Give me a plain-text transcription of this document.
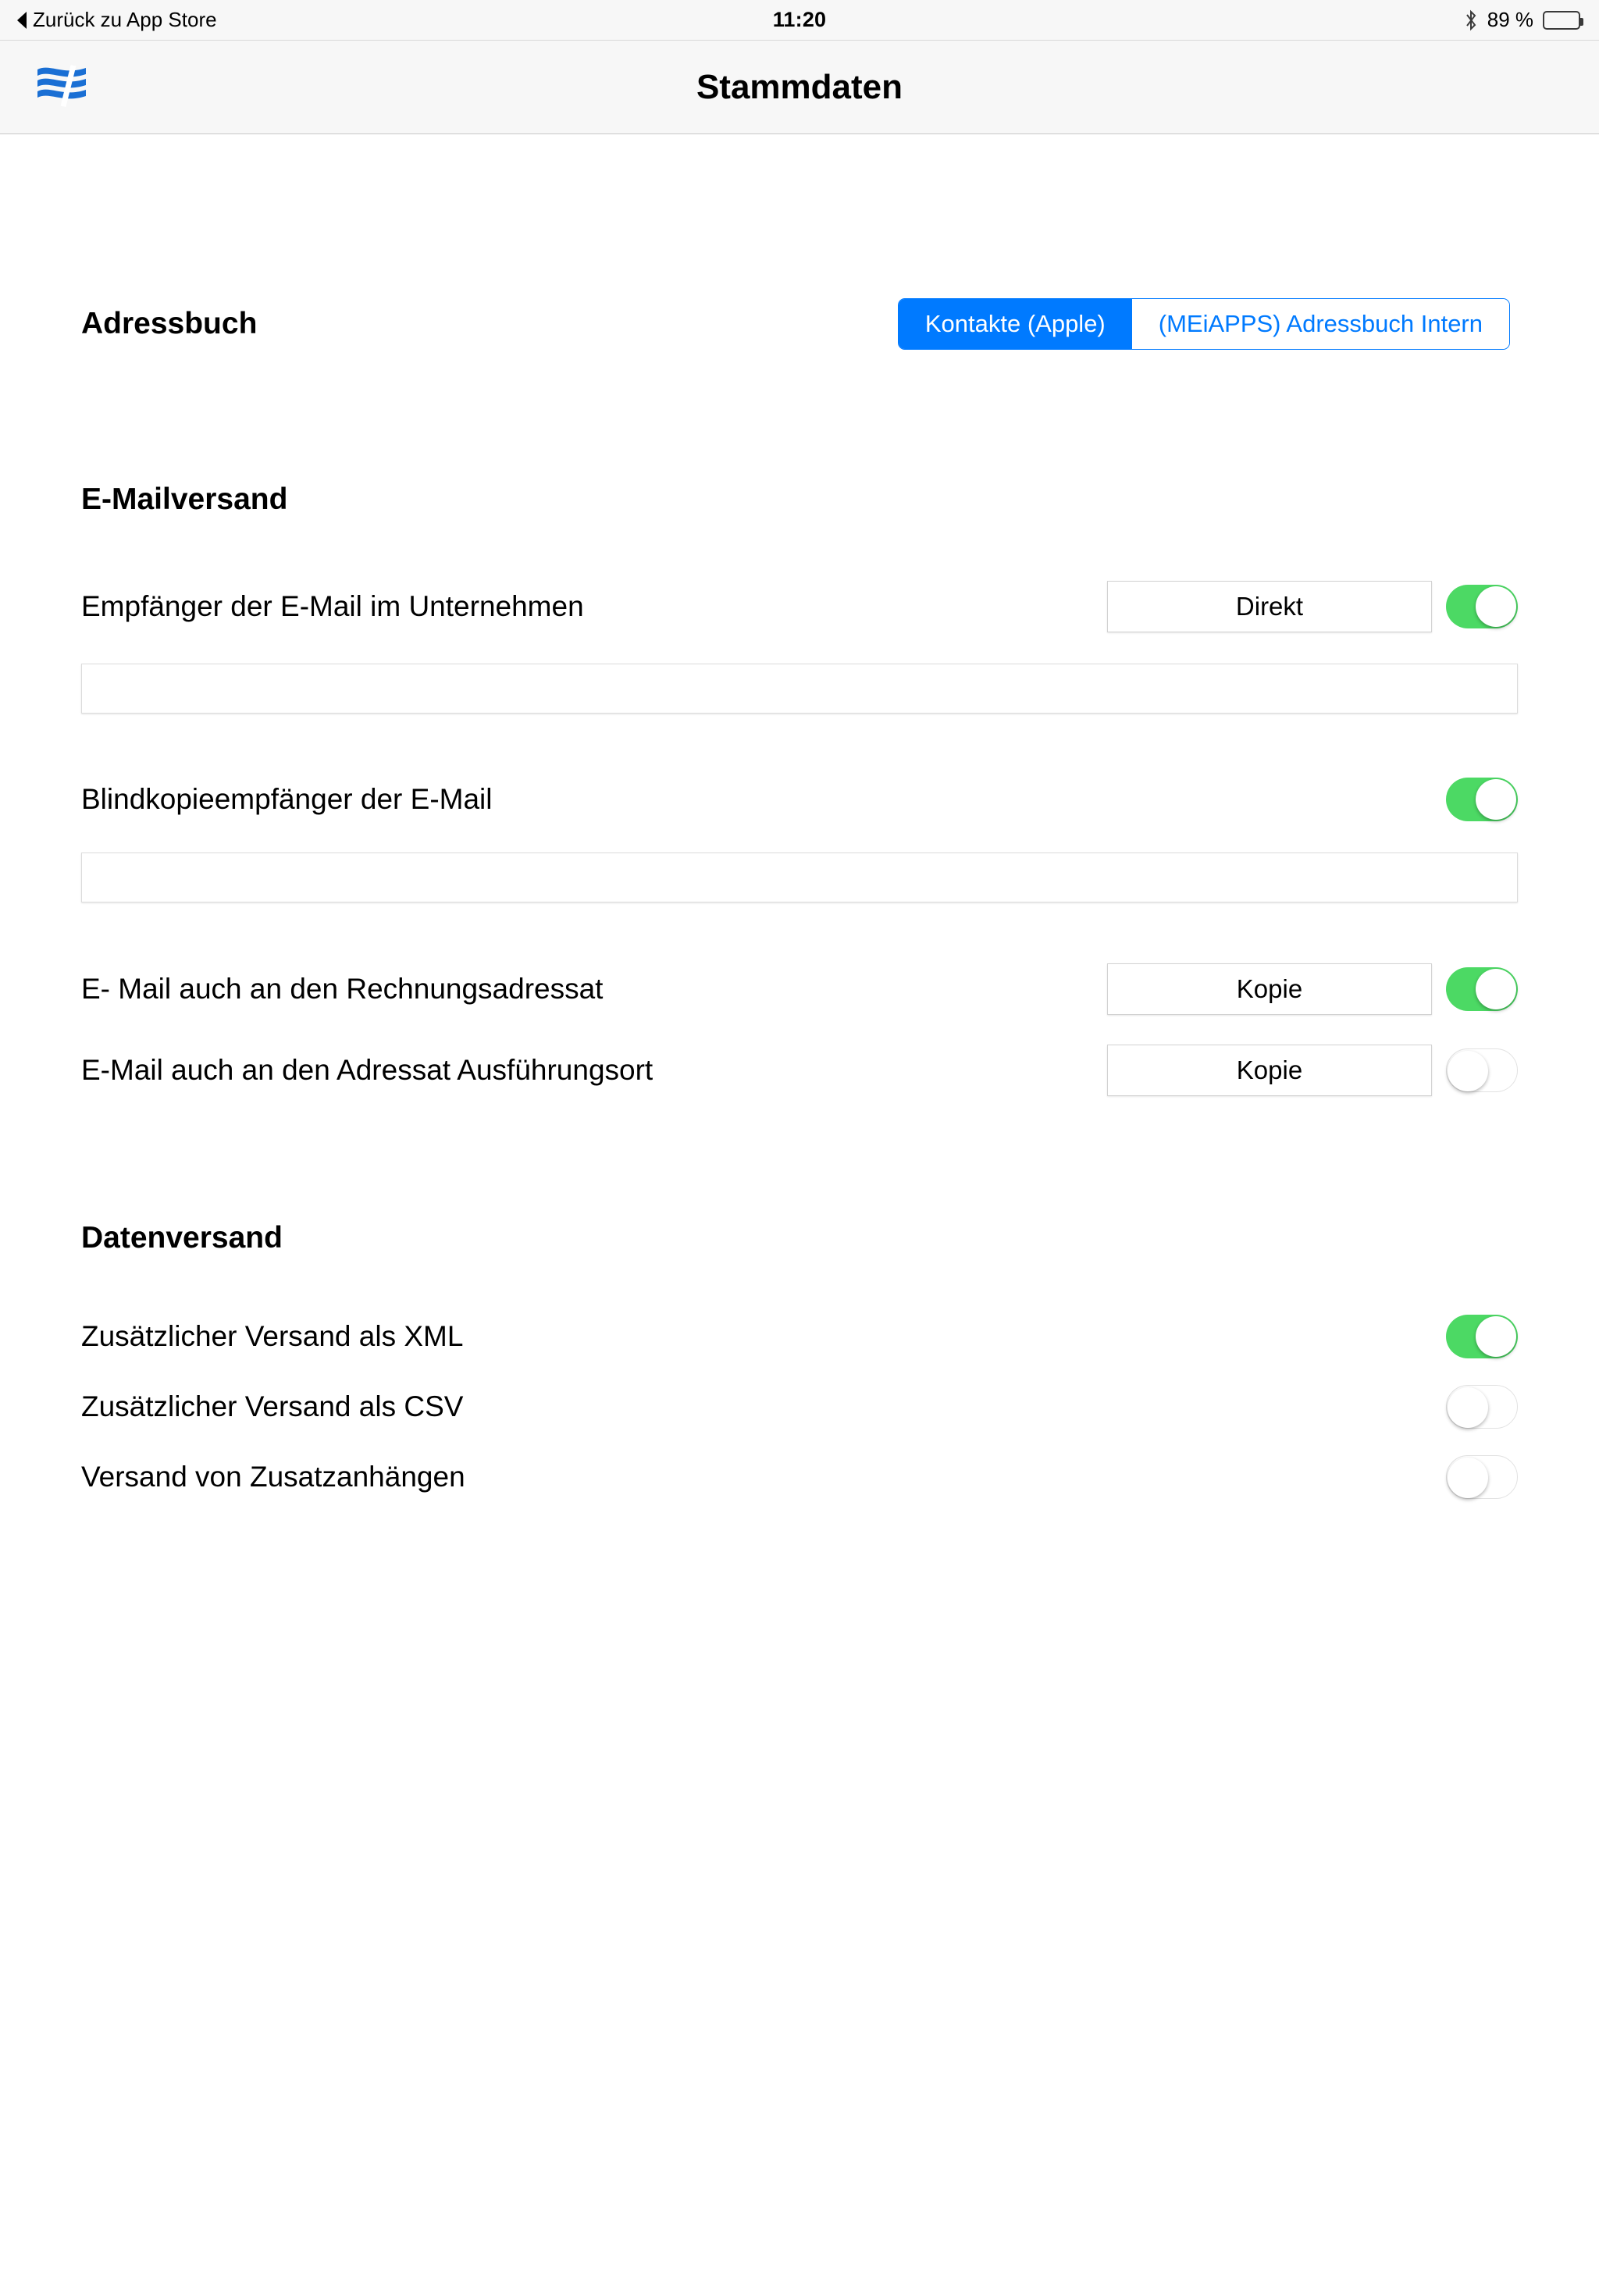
Zurück zu App Store	11:20	89 %
Stammdaten
Adressbuch	Kontakte (Apple)	(MEiAPPS) Adressbuch Intern
E-Mailversand
Empfänger der E-Mail im Unternehmen	Direkt
Blindkopieempfänger der E-Mail
E- Mail auch an den Rechnungsadressat	Kopie
E-Mail auch an den Adressat Ausführungsort	Kopie
Datenversand
Zusätzlicher Versand als XML
Zusätzlicher Versand als CSV
Versand von Zusatzanhängen
